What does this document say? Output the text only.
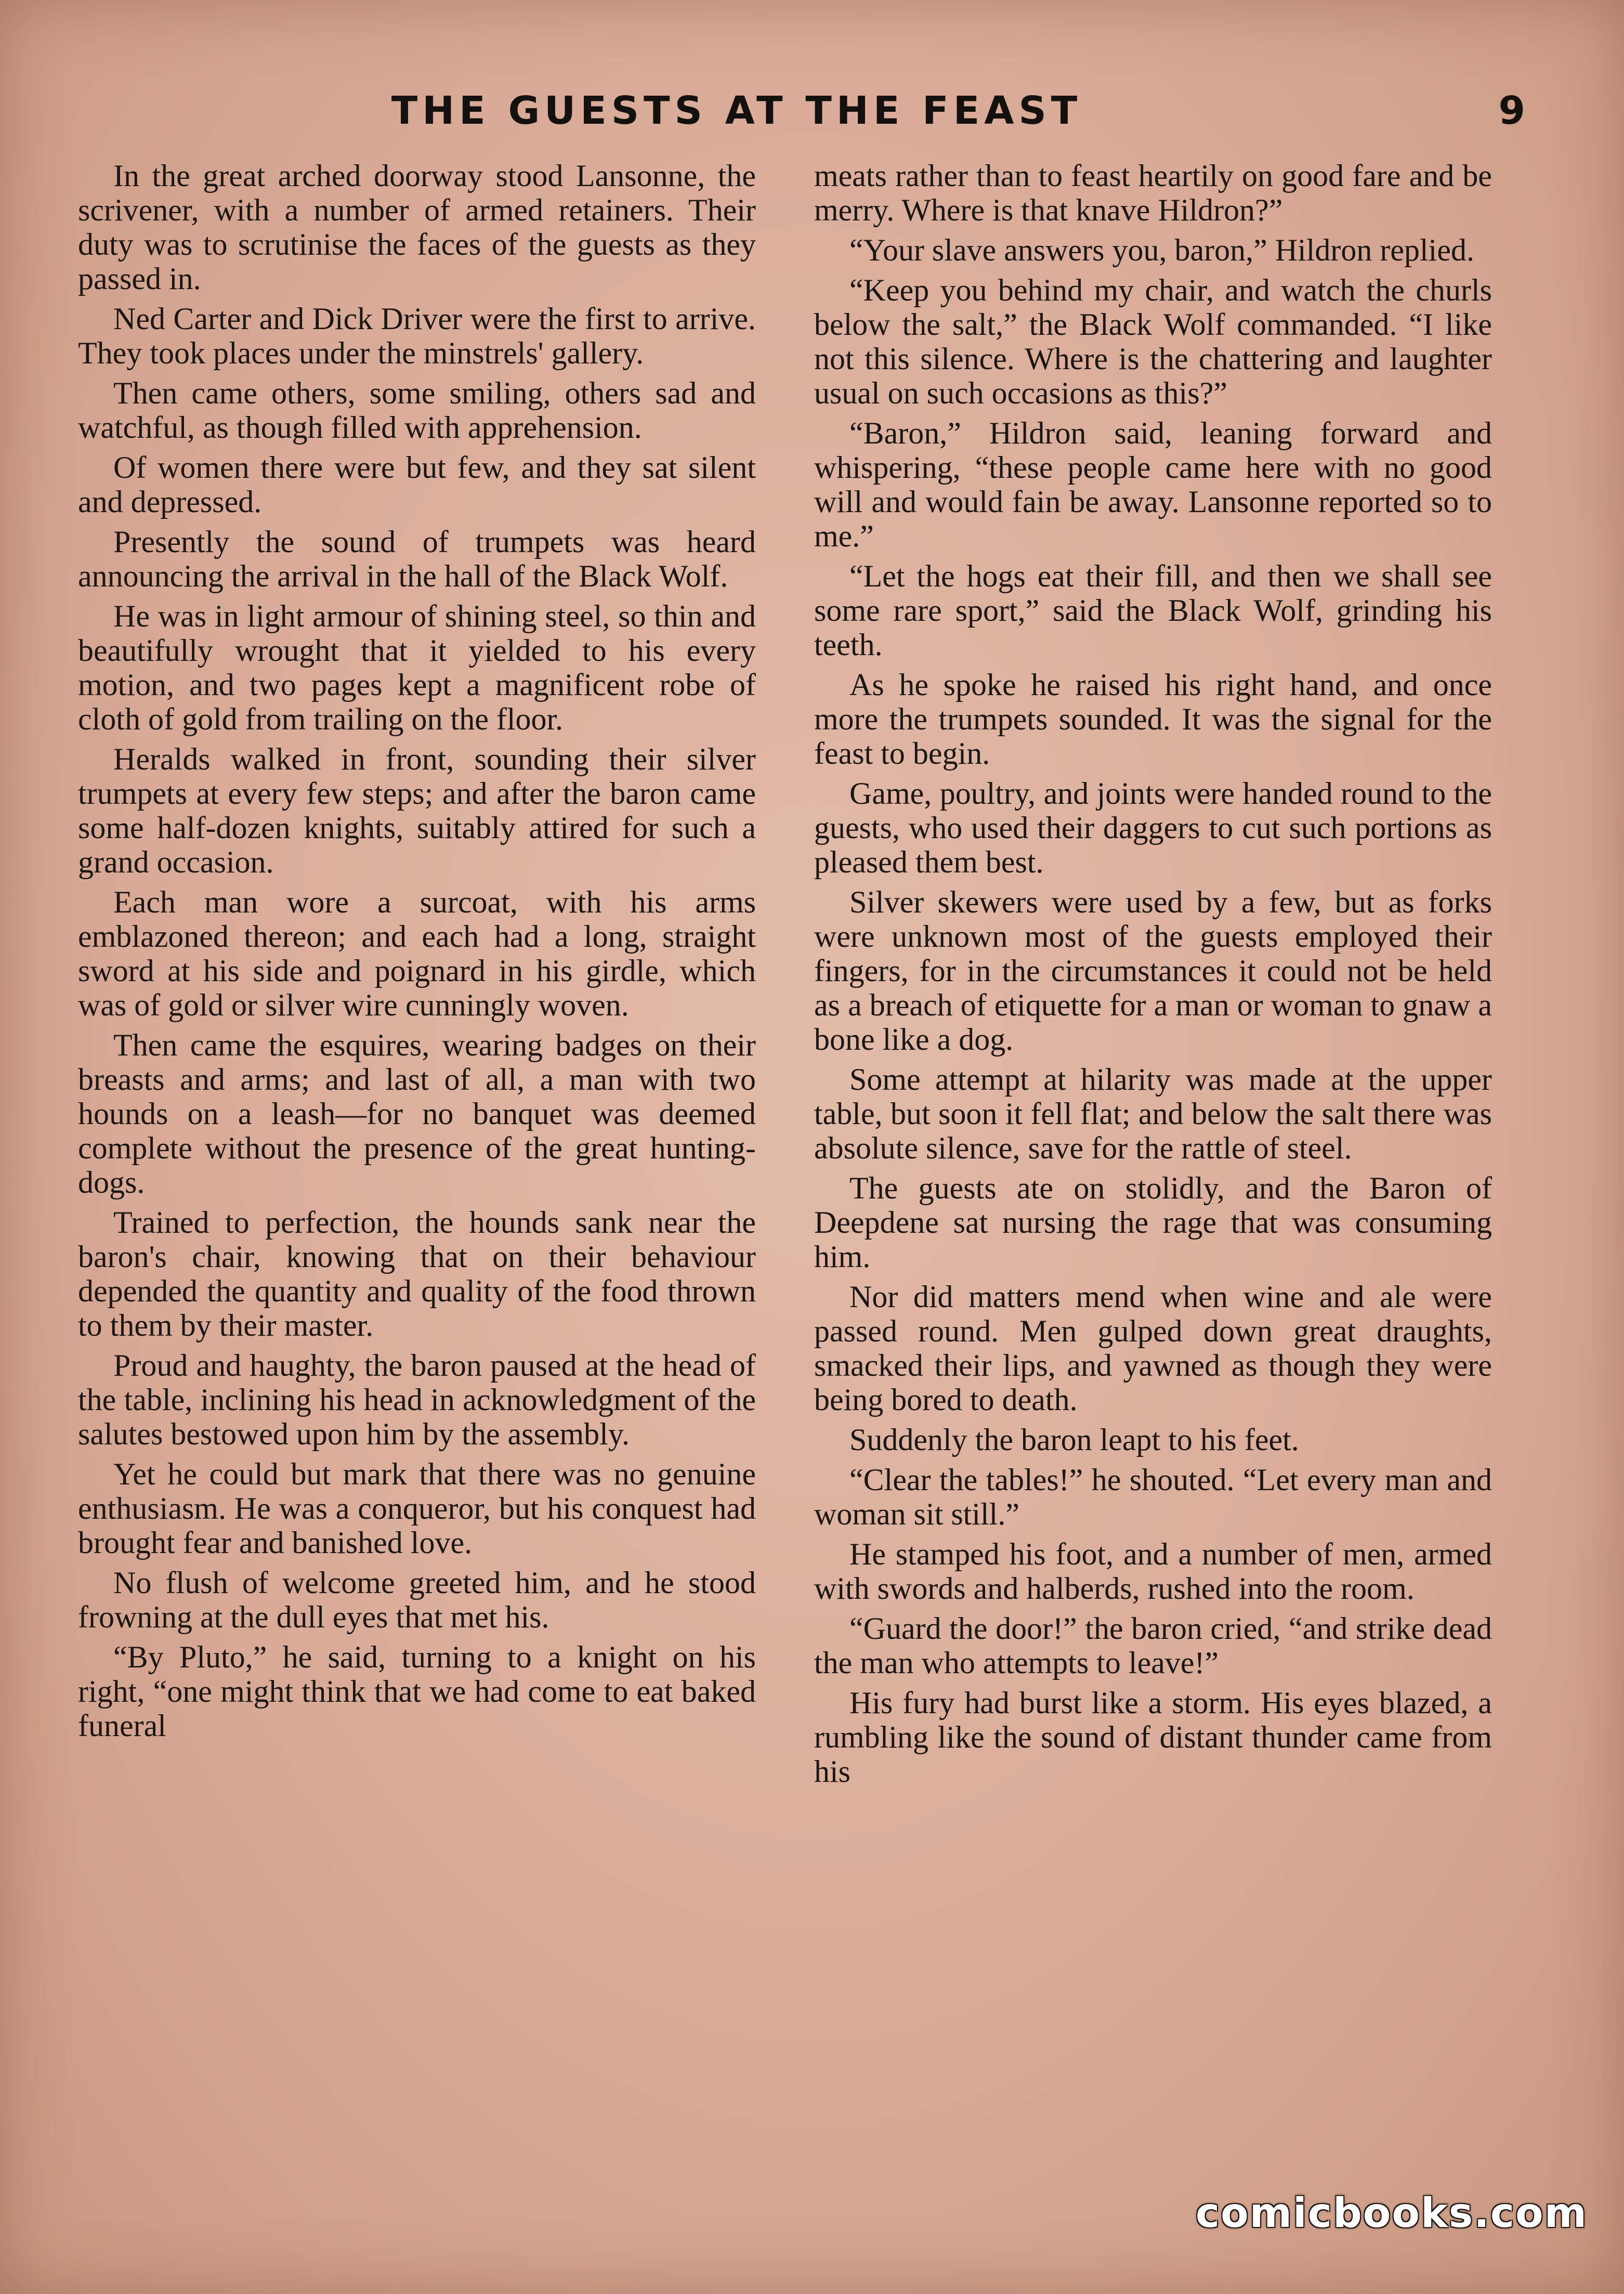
THE GUESTS AT THE FEAST	9

In the great arched doorway stood Lansonne, the scrivener, with a number of armed retainers. Their duty was to scrutinise the faces of the guests as they passed in.

Ned Carter and Dick Driver were the first to arrive. They took places under the minstrels' gallery.

Then came others, some smiling, others sad and watchful, as though filled with apprehension.

Of women there were but few, and they sat silent and depressed.

Presently the sound of trumpets was heard announcing the arrival in the hall of the Black Wolf.

He was in light armour of shining steel, so thin and beautifully wrought that it yielded to his every motion, and two pages kept a magnificent robe of cloth of gold from trailing on the floor.

Heralds walked in front, sounding their silver trumpets at every few steps; and after the baron came some half-dozen knights, suitably attired for such a grand occasion.

Each man wore a surcoat, with his arms emblazoned thereon; and each had a long, straight sword at his side and poignard in his girdle, which was of gold or silver wire cunningly woven.

Then came the esquires, wearing badges on their breasts and arms; and last of all, a man with two hounds on a leash—for no banquet was deemed complete without the presence of the great hunting-dogs.

Trained to perfection, the hounds sank near the baron's chair, knowing that on their behaviour depended the quantity and quality of the food thrown to them by their master.

Proud and haughty, the baron paused at the head of the table, inclining his head in acknowledgment of the salutes bestowed upon him by the assembly.

Yet he could but mark that there was no genuine enthusiasm. He was a conqueror, but his conquest had brought fear and banished love.

No flush of welcome greeted him, and he stood frowning at the dull eyes that met his.

“By Pluto,” he said, turning to a knight on his right, “one might think that we had come to eat baked funeral

meats rather than to feast heartily on good fare and be merry. Where is that knave Hildron?”

“Your slave answers you, baron,” Hildron replied.

“Keep you behind my chair, and watch the churls below the salt,” the Black Wolf commanded. “I like not this silence. Where is the chattering and laughter usual on such occasions as this?”

“Baron,” Hildron said, leaning forward and whispering, “these people came here with no good will and would fain be away. Lansonne reported so to me.”

“Let the hogs eat their fill, and then we shall see some rare sport,” said the Black Wolf, grinding his teeth.

As he spoke he raised his right hand, and once more the trumpets sounded. It was the signal for the feast to begin.

Game, poultry, and joints were handed round to the guests, who used their daggers to cut such portions as pleased them best.

Silver skewers were used by a few, but as forks were unknown most of the guests employed their fingers, for in the circumstances it could not be held as a breach of etiquette for a man or woman to gnaw a bone like a dog.

Some attempt at hilarity was made at the upper table, but soon it fell flat; and below the salt there was absolute silence, save for the rattle of steel.

The guests ate on stolidly, and the Baron of Deepdene sat nursing the rage that was consuming him.

Nor did matters mend when wine and ale were passed round. Men gulped down great draughts, smacked their lips, and yawned as though they were being bored to death.

Suddenly the baron leapt to his feet.

“Clear the tables!” he shouted. “Let every man and woman sit still.”

He stamped his foot, and a number of men, armed with swords and halberds, rushed into the room.

“Guard the door!” the baron cried, “and strike dead the man who attempts to leave!”

His fury had burst like a storm. His eyes blazed, a rumbling like the sound of distant thunder came from his

comicbooks.com
